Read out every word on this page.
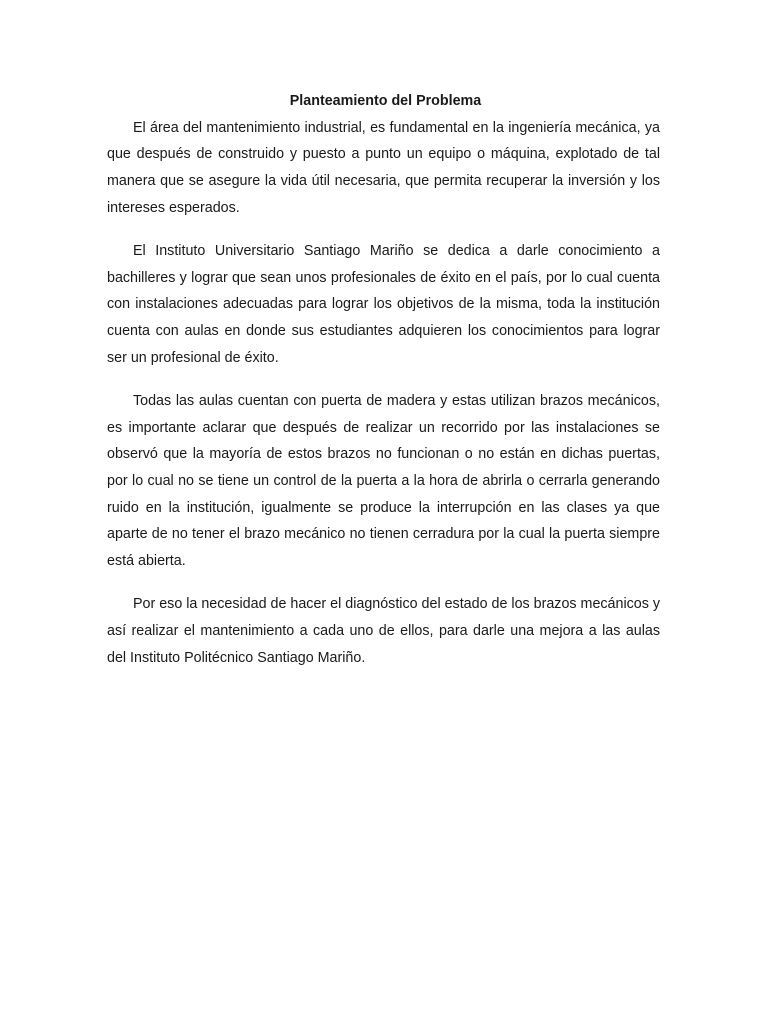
Planteamiento del Problema

El área del mantenimiento industrial, es fundamental en la ingeniería mecánica, ya que después de construido y puesto a punto un equipo o máquina, explotado de tal manera que se asegure la vida útil necesaria, que permita recuperar la inversión y los intereses esperados.

El Instituto Universitario Santiago Mariño se dedica a darle conocimiento a bachilleres y lograr que sean unos profesionales de éxito en el país, por lo cual cuenta con instalaciones adecuadas para lograr los objetivos de la misma, toda la institución cuenta con aulas en donde sus estudiantes adquieren los conocimientos para lograr ser un profesional de éxito.

Todas las aulas cuentan con puerta de madera y estas utilizan brazos mecánicos, es importante aclarar que después de realizar un recorrido por las instalaciones se observó que la mayoría de estos brazos no funcionan o no están en dichas puertas, por lo cual no se tiene un control de la puerta a la hora de abrirla o cerrarla generando ruido en la institución, igualmente se produce la interrupción en las clases ya que aparte de no tener el brazo mecánico no tienen cerradura por la cual la puerta siempre está abierta.

Por eso la necesidad de hacer el diagnóstico del estado de los brazos mecánicos y así realizar el mantenimiento a cada uno de ellos, para darle una mejora a las aulas del Instituto Politécnico Santiago Mariño.
